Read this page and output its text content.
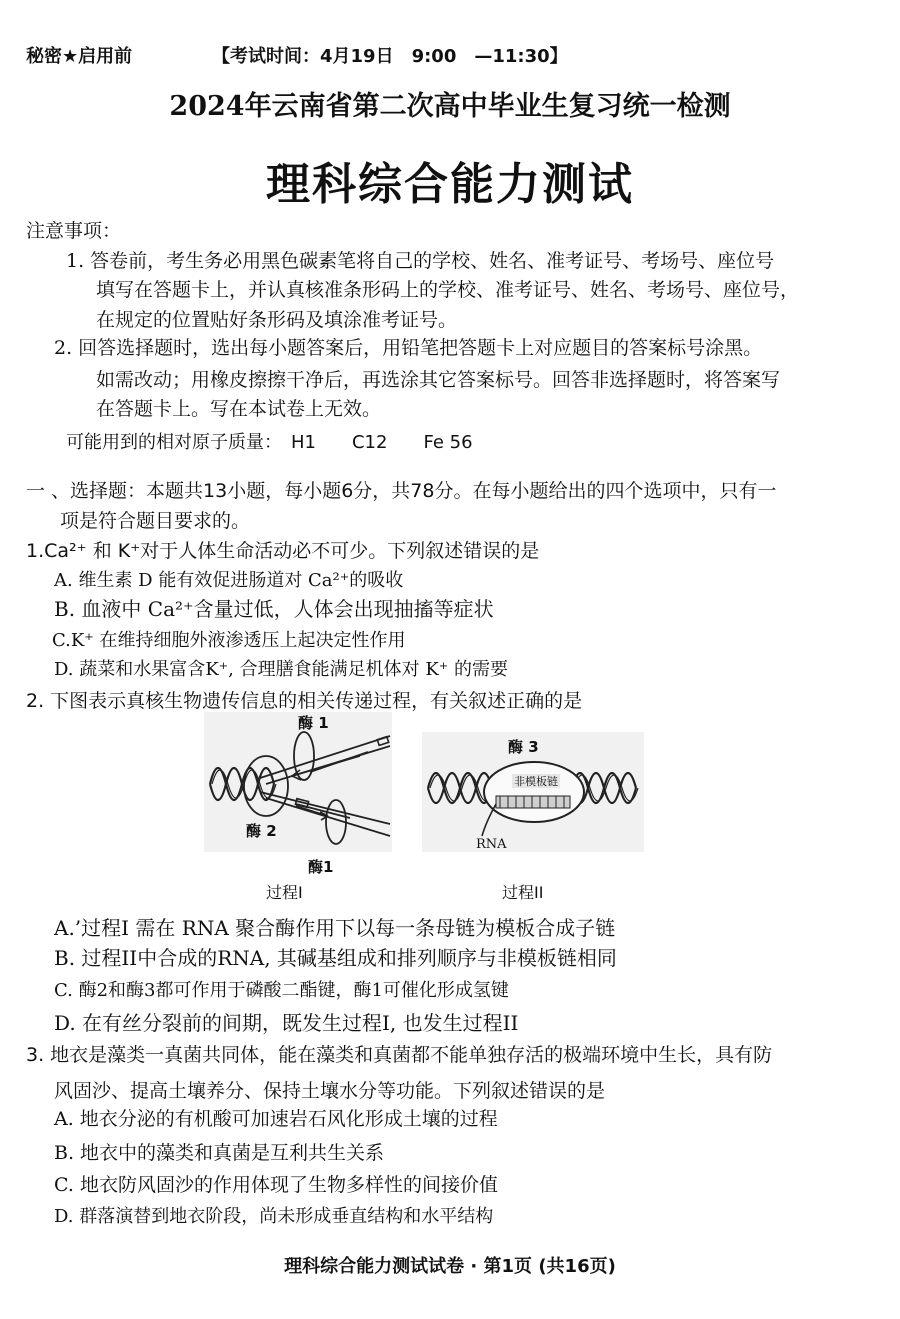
秘密★启用前	【考试时间：4月19日　9:00　—11:30】
2024年云南省第二次高中毕业生复习统一检测
理科综合能力测试
注意事项：
1. 答卷前，考生务必用黑色碳素笔将自己的学校、姓名、准考证号、考场号、座位号
填写在答题卡上，并认真核准条形码上的学校、准考证号、姓名、考场号、座位号，
在规定的位置贴好条形码及填涂准考证号。
2. 回答选择题时，选出每小题答案后，用铅笔把答题卡上对应题目的答案标号涂黑。
如需改动；用橡皮擦擦干净后，再选涂其它答案标号。回答非选择题时，将答案写
在答题卡上。写在本试卷上无效。
可能用到的相对原子质量：　H1　　C12　　Fe 56
一 、选择题：本题共13小题，每小题6分，共78分。在每小题给出的四个选项中，只有一
项是符合题目要求的。
1.Ca²⁺ 和 K⁺对于人体生命活动必不可少。下列叙述错误的是
A. 维生素 D 能有效促进肠道对 Ca²⁺的吸收
B. 血液中 Ca²⁺含量过低，人体会出现抽搐等症状
C.K⁺ 在维持细胞外液渗透压上起决定性作用
D. 蔬菜和水果富含K⁺, 合理膳食能满足机体对 K⁺ 的需要
2. 下图表示真核生物遗传信息的相关传递过程，有关叙述正确的是
酶 1
酶 2
酶1
过程I
酶 3
非模板链
RNA
过程II
A.’过程I 需在 RNA 聚合酶作用下以每一条母链为模板合成子链
B. 过程II中合成的RNA, 其碱基组成和排列顺序与非模板链相同
C. 酶2和酶3都可作用于磷酸二酯键，酶1可催化形成氢键
D. 在有丝分裂前的间期，既发生过程I, 也发生过程II
3. 地衣是藻类一真菌共同体，能在藻类和真菌都不能单独存活的极端环境中生长，具有防
风固沙、提高土壤养分、保持土壤水分等功能。下列叙述错误的是
A. 地衣分泌的有机酸可加速岩石风化形成土壤的过程
B. 地衣中的藻类和真菌是互利共生关系
C. 地衣防风固沙的作用体现了生物多样性的间接价值
D. 群落演替到地衣阶段，尚未形成垂直结构和水平结构
理科综合能力测试试卷 · 第1页 (共16页)
